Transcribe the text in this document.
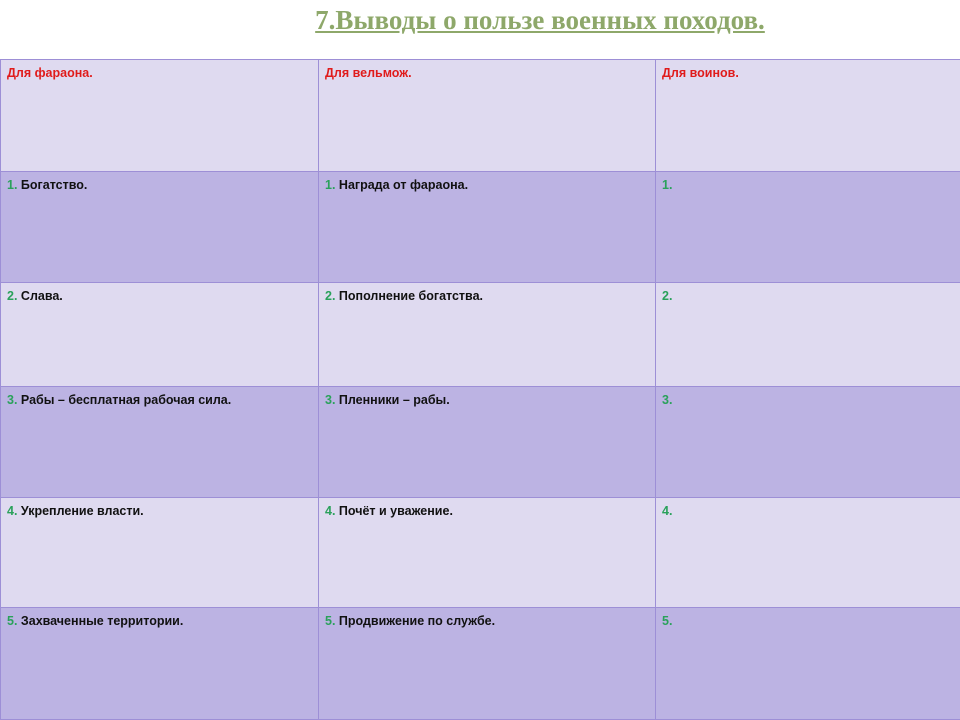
7.Выводы о пользе военных походов.
Для фараона.	Для вельмож.	Для воинов.
1. Богатство.	1. Награда от фараона.	1.
2. Слава.	2. Пополнение богатства.	2.
3. Рабы – бесплатная рабочая сила.	3. Пленники – рабы.	3.
4. Укрепление власти.	4. Почёт и уважение.	4.
5. Захваченные территории.	5. Продвижение по службе.	5.
